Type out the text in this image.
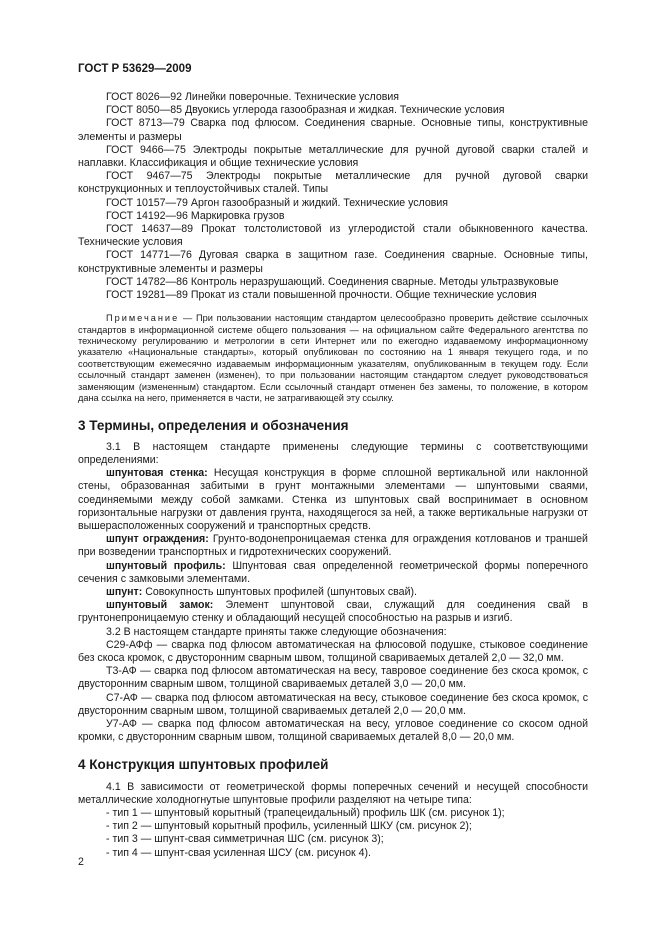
ГОСТ Р 53629—2009

ГОСТ 8026—92 Линейки поверочные. Технические условия

ГОСТ 8050—85 Двуокись углерода газообразная и жидкая. Технические условия

ГОСТ 8713—79 Сварка под флюсом. Соединения сварные. Основные типы, конструктивные элементы и размеры

ГОСТ 9466—75 Электроды покрытые металлические для ручной дуговой сварки сталей и наплавки. Классификация и общие технические условия

ГОСТ 9467—75 Электроды покрытые металлические для ручной дуговой сварки конструкционных и теплоустойчивых сталей. Типы

ГОСТ 10157—79 Аргон газообразный и жидкий. Технические условия

ГОСТ 14192—96 Маркировка грузов

ГОСТ 14637—89 Прокат толстолистовой из углеродистой стали обыкновенного качества. Технические условия

ГОСТ 14771—76 Дуговая сварка в защитном газе. Соединения сварные. Основные типы, конструктивные элементы и размеры

ГОСТ 14782—86 Контроль неразрушающий. Соединения сварные. Методы ультразвуковые

ГОСТ 19281—89 Прокат из стали повышенной прочности. Общие технические условия

Примечание — При пользовании настоящим стандартом целесообразно проверить действие ссылочных стандартов в информационной системе общего пользования — на официальном сайте Федерального агентства по техническому регулированию и метрологии в сети Интернет или по ежегодно издаваемому информационному указателю «Национальные стандарты», который опубликован по состоянию на 1 января текущего года, и по соответствующим ежемесячно издаваемым информационным указателям, опубликованным в текущем году. Если ссылочный стандарт заменен (изменен), то при пользовании настоящим стандартом следует руководствоваться заменяющим (измененным) стандартом. Если ссылочный стандарт отменен без замены, то положение, в котором дана ссылка на него, применяется в части, не затрагивающей эту ссылку.

3 Термины, определения и обозначения

3.1 В настоящем стандарте применены следующие термины с соответствующими определениями:

шпунтовая стенка: Несущая конструкция в форме сплошной вертикальной или наклонной стены, образованная забитыми в грунт монтажными элементами — шпунтовыми сваями, соединяемыми между собой замками. Стенка из шпунтовых свай воспринимает в основном горизонтальные нагрузки от давления грунта, находящегося за ней, а также вертикальные нагрузки от вышерасположенных сооружений и транспортных средств.

шпунт ограждения: Грунто-водонепроницаемая стенка для ограждения котлованов и траншей при возведении транспортных и гидротехнических сооружений.

шпунтовый профиль: Шпунтовая свая определенной геометрической формы поперечного сечения с замковыми элементами.

шпунт: Совокупность шпунтовых профилей (шпунтовых свай).

шпунтовый замок: Элемент шпунтовой сваи, служащий для соединения свай в грунтонепроницаемую стенку и обладающий несущей способностью на разрыв и изгиб.

3.2 В настоящем стандарте приняты также следующие обозначения:

С29-АФф — сварка под флюсом автоматическая на флюсовой подушке, стыковое соединение без скоса кромок, с двусторонним сварным швом, толщиной свариваемых деталей 2,0 — 32,0 мм.

Т3-АФ — сварка под флюсом автоматическая на весу, тавровое соединение без скоса кромок, с двусторонним сварным швом, толщиной свариваемых деталей 3,0 — 20,0 мм.

С7-АФ — сварка под флюсом автоматическая на весу, стыковое соединение без скоса кромок, с двусторонним сварным швом, толщиной свариваемых деталей 2,0 — 20,0 мм.

У7-АФ — сварка под флюсом автоматическая на весу, угловое соединение со скосом одной кромки, с двусторонним сварным швом, толщиной свариваемых деталей 8,0 — 20,0 мм.

4 Конструкция шпунтовых профилей

4.1 В зависимости от геометрической формы поперечных сечений и несущей способности металлические холодногнутые шпунтовые профили разделяют на четыре типа:

- тип 1 — шпунтовый корытный (трапецеидальный) профиль ШК (см. рисунок 1);

- тип 2 — шпунтовый корытный профиль, усиленный ШКУ (см. рисунок 2);

- тип 3 — шпунт-свая симметричная ШС (см. рисунок 3);

- тип 4 — шпунт-свая усиленная ШСУ (см. рисунок 4).

2
